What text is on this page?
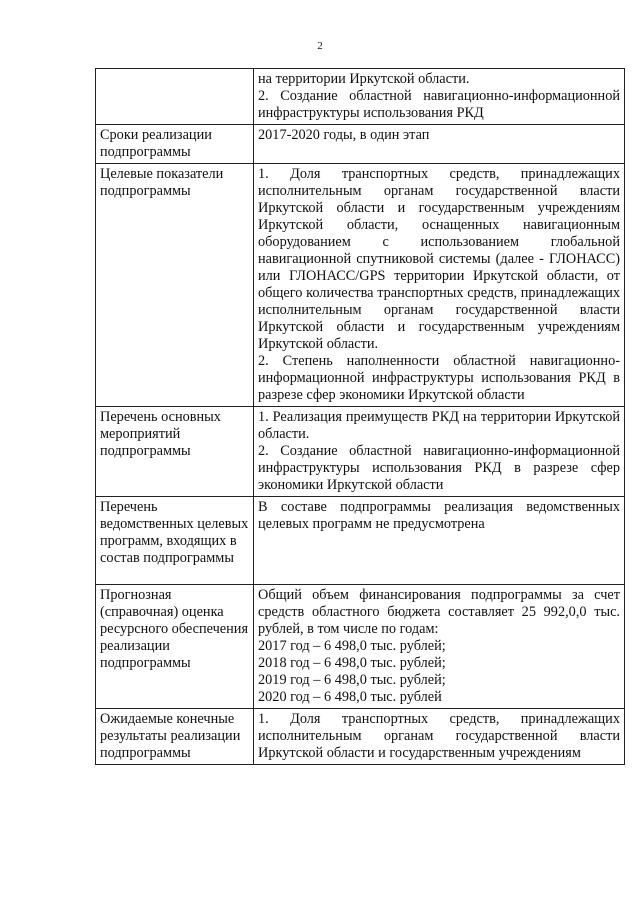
2

	на территории Иркутской области.

2. Создание областной навигационно-информационной инфраструктуры использования РКД

Сроки реализации подпрограммы	2017-2020 годы, в один этап

Целевые показатели подпрограммы	1. Доля транспортных средств, принадлежащих исполнительным органам государственной власти Иркутской области и государственным учреждениям Иркутской области, оснащенных навигационным оборудованием с использованием глобальной навигационной спутниковой системы (далее - ГЛОНАСС) или ГЛОНАСС/GPS территории Иркутской области, от общего количества транспортных средств, принадлежащих исполнительным органам государственной власти Иркутской области и государственным учреждениям Иркутской области.

2. Степень наполненности областной навигационно-информационной инфраструктуры использования РКД в разрезе сфер экономики Иркутской области

Перечень основных мероприятий подпрограммы	1. Реализация преимуществ РКД на территории Иркутской области.

2. Создание областной навигационно-информационной инфраструктуры использования РКД в разрезе сфер экономики Иркутской области

Перечень ведомственных целевых программ, входящих в состав подпрограммы	В составе подпрограммы реализация ведомственных целевых программ не предусмотрена

Прогнозная (справочная) оценка ресурсного обеспечения реализации подпрограммы	Общий объем финансирования подпрограммы за счет средств областного бюджета составляет 25 992,0,0 тыс. рублей, в том числе по годам:

2017 год – 6 498,0 тыс. рублей;

2018 год – 6 498,0 тыс. рублей;

2019 год – 6 498,0 тыс. рублей;

2020 год – 6 498,0 тыс. рублей

Ожидаемые конечные результаты реализации подпрограммы	1. Доля транспортных средств, принадлежащих исполнительным органам государственной власти Иркутской области и государственным учреждениям
